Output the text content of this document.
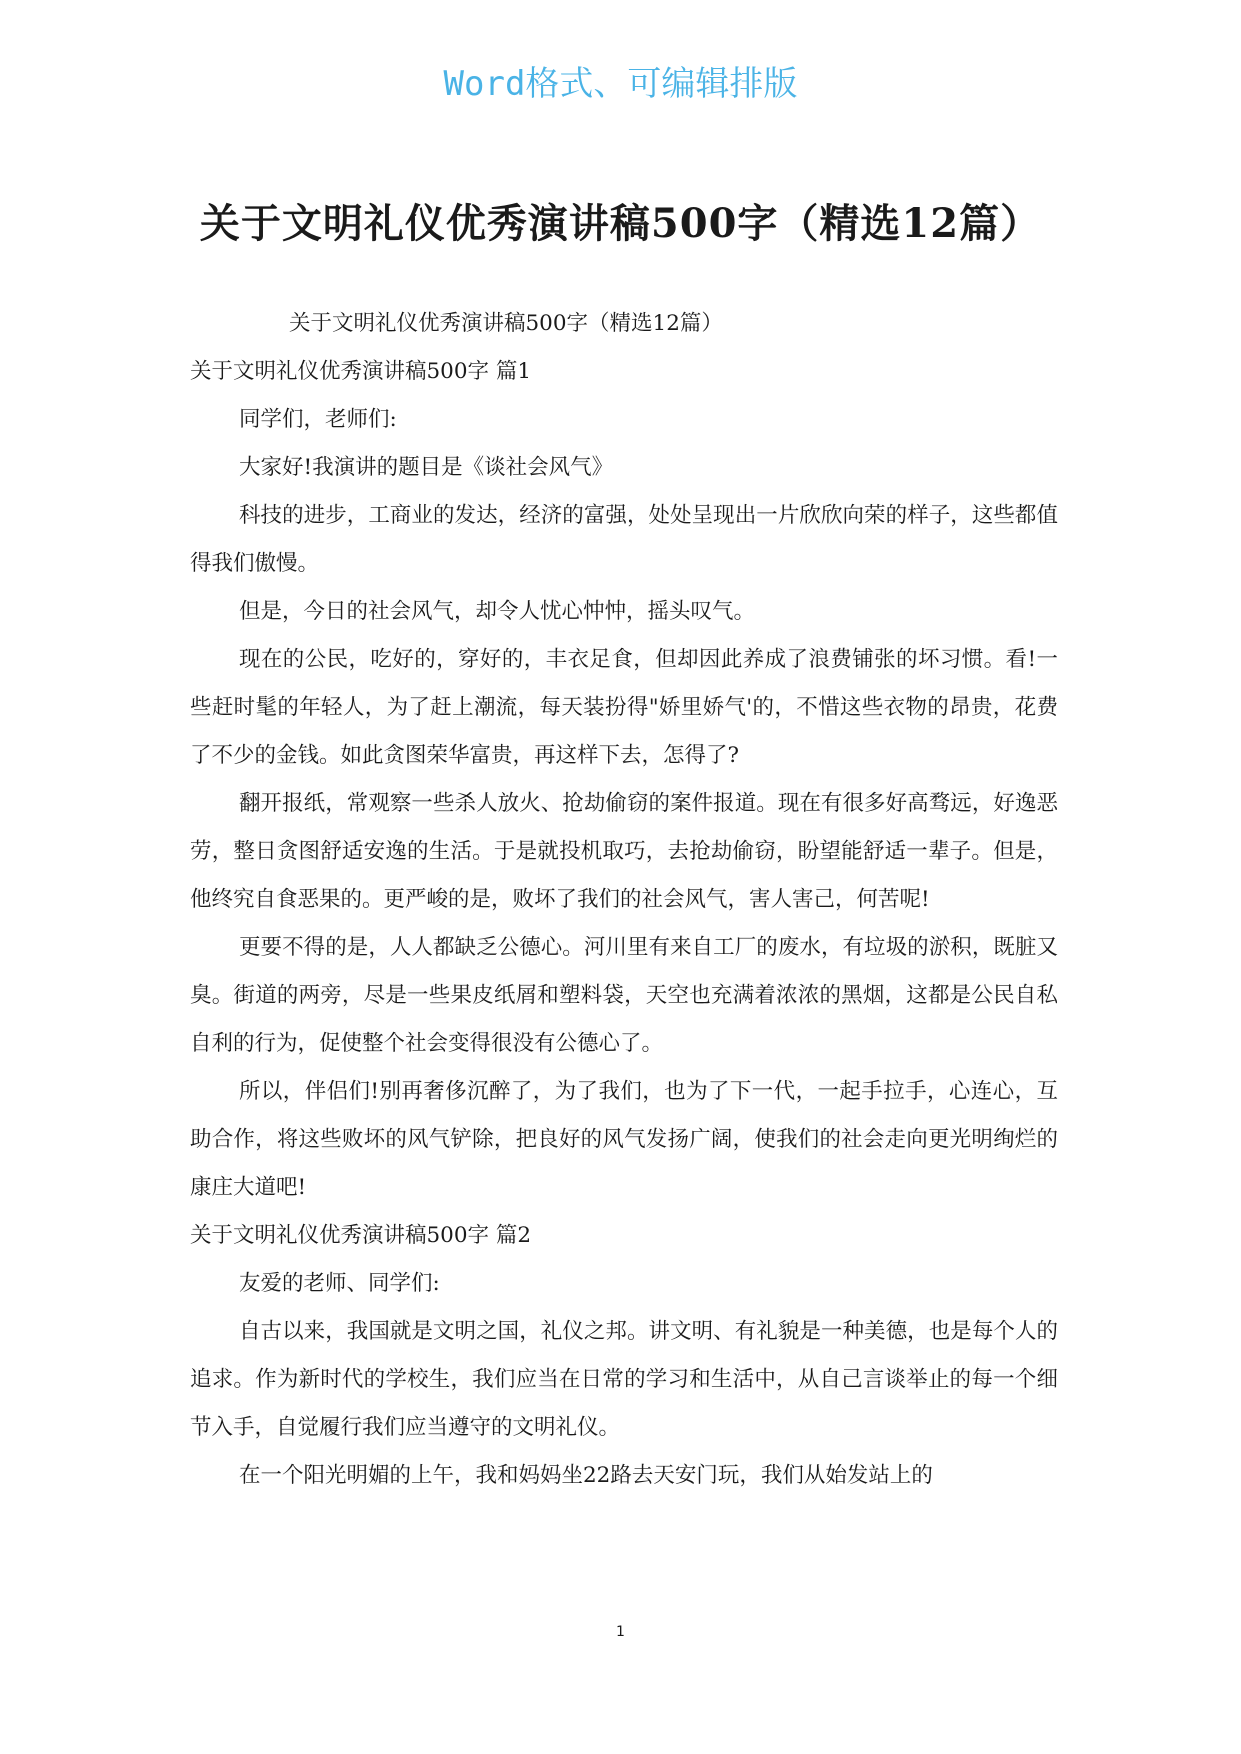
Word格式、可编辑排版
关于文明礼仪优秀演讲稿500字（精选12篇）

关于文明礼仪优秀演讲稿500字（精选12篇）

关于文明礼仪优秀演讲稿500字 篇1

同学们，老师们:

大家好!我演讲的题目是《谈社会风气》

科技的进步，工商业的发达，经济的富强，处处呈现出一片欣欣向荣的样子，这些都值得我们傲慢。

但是，今日的社会风气，却令人忧心忡忡，摇头叹气。

现在的公民，吃好的，穿好的，丰衣足食，但却因此养成了浪费铺张的坏习惯。看!一些赶时髦的年轻人，为了赶上潮流，每天装扮得"娇里娇气'的，不惜这些衣物的昂贵，花费了不少的金钱。如此贪图荣华富贵，再这样下去，怎得了?

翻开报纸，常观察一些杀人放火、抢劫偷窃的案件报道。现在有很多好高骛远，好逸恶劳，整日贪图舒适安逸的生活。于是就投机取巧，去抢劫偷窃，盼望能舒适一辈子。但是，他终究自食恶果的。更严峻的是，败坏了我们的社会风气，害人害己，何苦呢!

更要不得的是，人人都缺乏公德心。河川里有来自工厂的废水，有垃圾的淤积，既脏又臭。街道的两旁，尽是一些果皮纸屑和塑料袋，天空也充满着浓浓的黑烟，这都是公民自私自利的行为，促使整个社会变得很没有公德心了。

所以，伴侣们!别再奢侈沉醉了，为了我们，也为了下一代，一起手拉手，心连心，互助合作，将这些败坏的风气铲除，把良好的风气发扬广阔，使我们的社会走向更光明绚烂的康庄大道吧!

关于文明礼仪优秀演讲稿500字 篇2

友爱的老师、同学们:

自古以来，我国就是文明之国，礼仪之邦。讲文明、有礼貌是一种美德，也是每个人的追求。作为新时代的学校生，我们应当在日常的学习和生活中，从自己言谈举止的每一个细节入手，自觉履行我们应当遵守的文明礼仪。

在一个阳光明媚的上午，我和妈妈坐22路去天安门玩，我们从始发站上的

1
